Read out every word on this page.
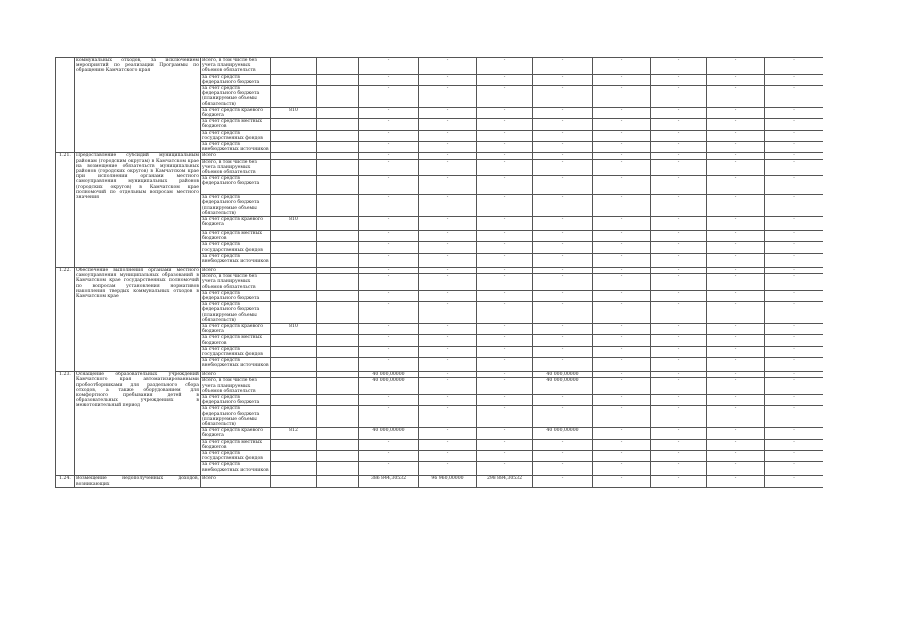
	коммунальных отходов, за исключением мероприятий по реализации Программы по обращению Камчатского края	Всего, в том числе без учета планируемых объемов обязательств			-	-	-	-	-	-	-	-
		за счет средств федерального бюджета			-	-	-	-	-	-	-	-
		за счет средств федерального бюджета (планируемые объемы обязательств)			-	-	-	-	-	-	-	-
		за счет средств краевого бюджета	810		-	-	-	-	-	-	-	-
		за счет средств местных бюджетов			-	-	-	-	-	-	-	-
		за счет средств государственных фондов			-	-	-	-	-	-	-	-
		за счет средств внебюджетных источников			-	-	-	-	-	-	-	-
1.21.	Предоставление субсидий муниципальным районам (городским округам) в Камчатском крае на возмещение обязательств муниципальных районов (городских округов) в Камчатском крае при исполнении органами местного самоуправления муниципальных районов (городских округов) в Камчатском крае полномочий по отдельным вопросам местного значения	Всего			-	-	-	-	-	-	-	-
		Всего, в том числе без учета планируемых объемов обязательств			-	-	-	-	-	-	-	-
		за счет средств федерального бюджета			-	-	-	-	-	-	-	-
		за счет средств федерального бюджета (планируемые объемы обязательств)			-	-	-	-	-	-	-	-
		за счет средств краевого бюджета	810		-	-	-	-	-	-	-	-
		за счет средств местных бюджетов			-	-	-	-	-	-	-	-
		за счет средств государственных фондов			-	-	-	-	-	-	-	-
		за счет средств внебюджетных источников			-	-	-	-	-	-	-	-
1.22.	Обеспечение выполнения органами местного самоуправления муниципальных образований в Камчатском крае государственных полномочий по вопросам установления нормативов накопления твердых коммунальных отходов в Камчатском крае	Всего			-	-	-	-	-	-	-	-
		Всего, в том числе без учета планируемых объемов обязательств			-	-	-	-	-	-	-	-
		за счет средств федерального бюджета			-	-	-	-	-	-	-	-
		за счет средств федерального бюджета (планируемые объемы обязательств)			-	-	-	-	-	-	-	-
		за счет средств краевого бюджета	810		-	-	-	-	-	-	-	-
		за счет средств местных бюджетов			-	-	-	-	-	-	-	-
		за счет средств государственных фондов			-	-	-	-	-	-	-	-
		за счет средств внебюджетных источников			-	-	-	-	-	-	-	-
1.23.	Оснащение образовательных учреждений Камчатского края автоматизированными пробоотборниками для раздельного сбора отходов, а также оборудованием для комфортного пребывания детей в образовательных учреждениях в межотопительный период	Всего			40 000,00000	-	-	40 000,00000	-	-	-	-
		Всего, в том числе без учета планируемых объемов обязательств			40 000,00000	-	-	40 000,00000	-	-	-	-
		за счет средств федерального бюджета			-	-	-	-	-	-	-	-
		за счет средств федерального бюджета (планируемые объемы обязательств)			-	-	-	-	-	-	-	-
		за счет средств краевого бюджета	812		40 000,00000	-	-	40 000,00000	-	-	-	-
		за счет средств местных бюджетов			-	-	-	-	-	-	-	-
		за счет средств государственных фондов			-	-	-	-	-	-	-	-
		за счет средств внебюджетных источников			-	-	-	-	-	-	-	-
1.24.	Возмещение недополученных доходов, возникающих	Всего			386 844,30532	96 960,00000	298 884,30532	-	-	-	-	-
